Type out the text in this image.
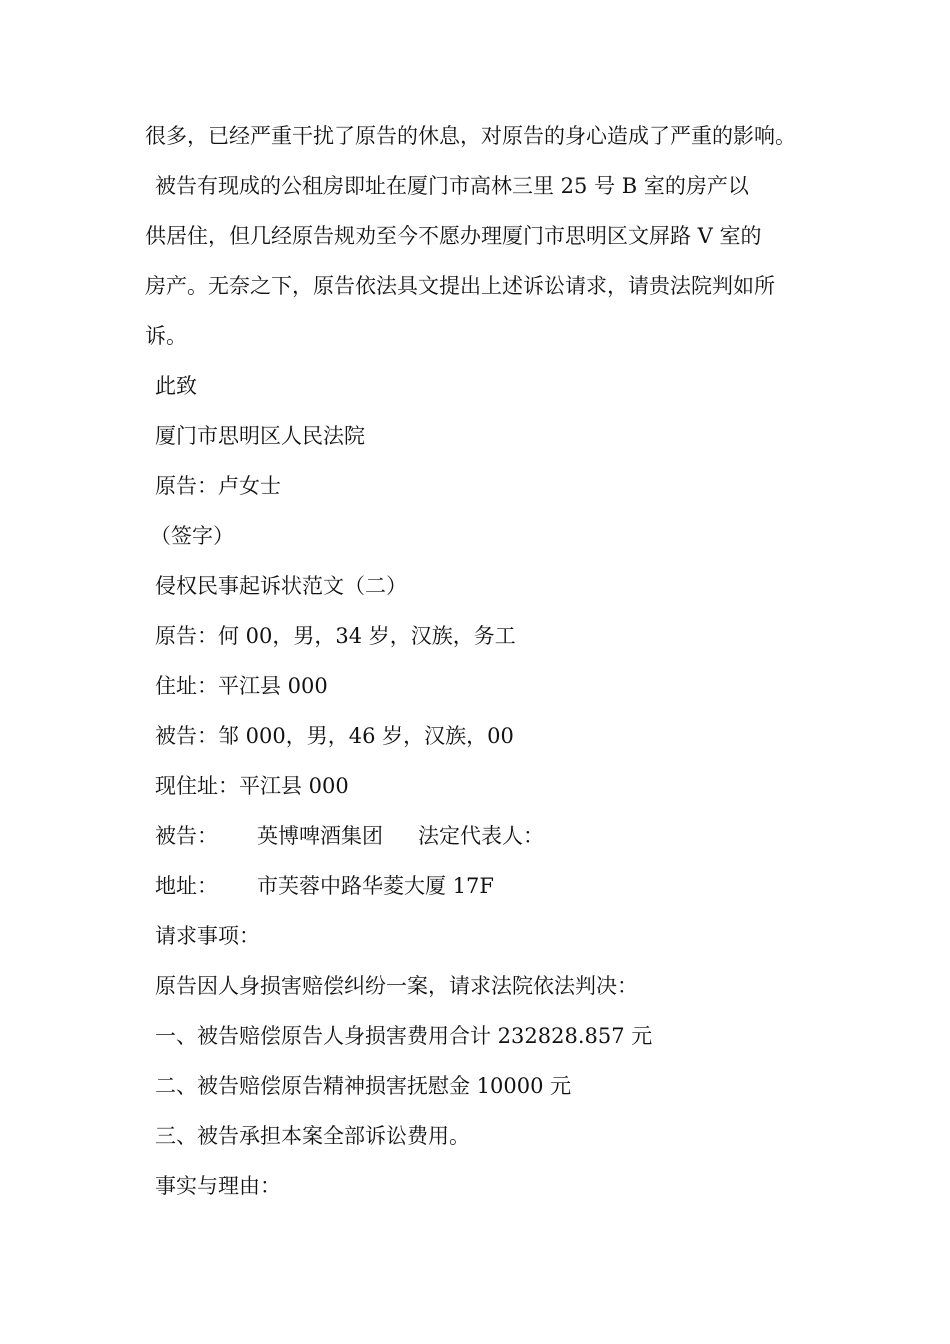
很多，已经严重干扰了原告的休息，对原告的身心造成了严重的影响。

被告有现成的公租房即址在厦门市高林三里 25 号 B 室的房产以

供居住，但几经原告规劝至今不愿办理厦门市思明区文屏路 V 室的

房产。无奈之下，原告依法具文提出上述诉讼请求，请贵法院判如所

诉。

此致

厦门市思明区人民法院

原告：卢女士

（签字）

侵权民事起诉状范文（二）

原告：何 00，男，34 岁，汉族，务工

住址：平江县 000

被告：邹 000，男，46 岁，汉族，00

现住址：平江县 000

被告： 英博啤酒集团 法定代表人：

地址： 市芙蓉中路华菱大厦 17F

请求事项：

原告因人身损害赔偿纠纷一案，请求法院依法判决：

一、被告赔偿原告人身损害费用合计 232828.857 元

二、被告赔偿原告精神损害抚慰金 10000 元

三、被告承担本案全部诉讼费用。

事实与理由：
